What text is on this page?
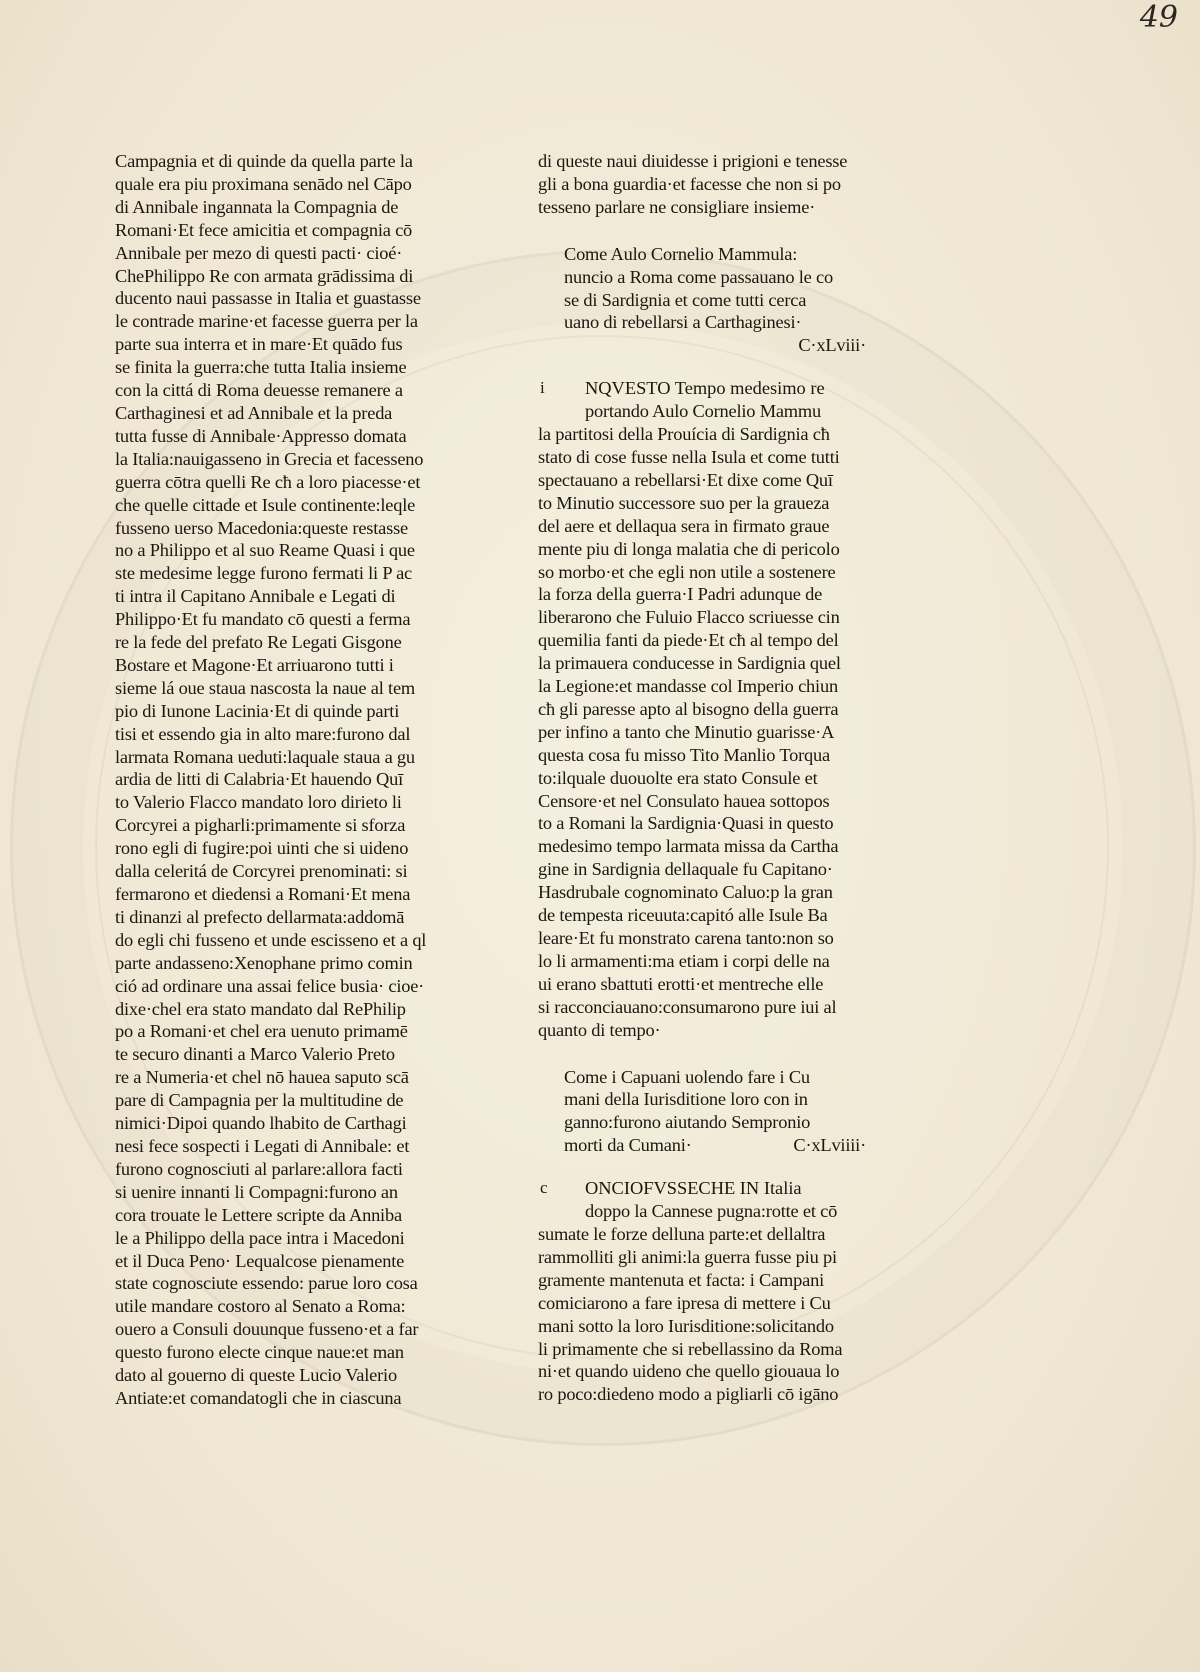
49
Campagnia et di quinde da quella parte la
quale era piu proximana senādo nel Cāpo
di Annibale ingannata la Compagnia de
Romani·Et fece amicitia et compagnia cō
Annibale per mezo di questi pacti· cioé·
ChePhilippo Re con armata grādissima di
ducento naui passasse in Italia et guastasse
le contrade marine·et facesse guerra per la
parte sua interra et in mare·Et quādo fus
se finita la guerra:che tutta Italia insieme
con la cittá di Roma deuesse remanere a
Carthaginesi et ad Annibale et la preda
tutta fusse di Annibale·Appresso domata
la Italia:nauigasseno in Grecia et facesseno
guerra cōtra quelli Re cħ a loro piacesse·et
che quelle cittade et Isule continente:leqle
fusseno uerso Macedonia:queste restasse
no a Philippo et al suo Reame Quasi i que
ste medesime legge furono fermati li P ac
ti intra il Capitano Annibale e Legati di
Philippo·Et fu mandato cō questi a ferma
re la fede del prefato Re Legati Gisgone
Bostare et Magone·Et arriuarono tutti i
sieme lá oue staua nascosta la naue al tem
pio di Iunone Lacinia·Et di quinde parti
tisi et essendo gia in alto mare:furono dal
larmata Romana ueduti:laquale staua a gu
ardia de litti di Calabria·Et hauendo Quī
to Valerio Flacco mandato loro dirieto li
Corcyrei a pigharli:primamente si sforza
rono egli di fugire:poi uinti che si uideno
dalla celeritá de Corcyrei prenominati: si
fermarono et diedensi a Romani·Et mena
ti dinanzi al prefecto dellarmata:addomā
do egli chi fusseno et unde escisseno et a ql
parte andasseno:Xenophane primo comin
ció ad ordinare una assai felice busia· cioe·
dixe·chel era stato mandato dal RePhilip
po a Romani·et chel era uenuto primamē
te securo dinanti a Marco Valerio Preto
re a Numeria·et chel nō hauea saputo scā
pare di Campagnia per la multitudine de
nimici·Dipoi quando lhabito de Carthagi
nesi fece sospecti i Legati di Annibale: et
furono cognosciuti al parlare:allora facti
si uenire innanti li Compagni:furono an
cora trouate le Lettere scripte da Anniba
le a Philippo della pace intra i Macedoni
et il Duca Peno· Lequalcose pienamente
state cognosciute essendo: parue loro cosa
utile mandare costoro al Senato a Roma:
ouero a Consuli douunque fusseno·et a far
questo furono electe cinque naue:et man
dato al gouerno di queste Lucio Valerio
Antiate:et comandatogli che in ciascuna
di queste naui diuidesse i prigioni e tenesse
gli a bona guardia·et facesse che non si po
tesseno parlare ne consigliare insieme·
Come Aulo Cornelio Mammula:
nuncio a Roma come passauano le co
se di Sardignia et come tutti cerca
uano di rebellarsi a Carthaginesi·
C·xLviii·
i NQVESTO Tempo medesimo re
portando Aulo Cornelio Mammu
la partitosi della Prouícia di Sardignia cħ
stato di cose fusse nella Isula et come tutti
spectauano a rebellarsi·Et dixe come Quī
to Minutio successore suo per la graueza
del aere et dellaqua sera in firmato graue
mente piu di longa malatia che di pericolo
so morbo·et che egli non utile a sostenere
la forza della guerra·I Padri adunque de
liberarono che Fuluio Flacco scriuesse cin
quemilia fanti da piede·Et cħ al tempo del
la primauera conducesse in Sardignia quel
la Legione:et mandasse col Imperio chiun
cħ gli paresse apto al bisogno della guerra
per infino a tanto che Minutio guarisse·A
questa cosa fu misso Tito Manlio Torqua
to:ilquale duouolte era stato Consule et
Censore·et nel Consulato hauea sottopos
to a Romani la Sardignia·Quasi in questo
medesimo tempo larmata missa da Cartha
gine in Sardignia dellaquale fu Capitano·
Hasdrubale cognominato Caluo:p la gran
de tempesta riceuuta:capitó alle Isule Ba
leare·Et fu monstrato carena tanto:non so
lo li armamenti:ma etiam i corpi delle na
ui erano sbattuti erotti·et mentreche elle
si racconciauano:consumarono pure iui al
quanto di tempo·
Come i Capuani uolendo fare i Cu
mani della Iurisditione loro con in
ganno:furono aiutando Sempronio
morti da Cumani·	C·xLviiii·
c ONCIOFVSSECHE IN Italia
doppo la Cannese pugna:rotte et cō
sumate le forze delluna parte:et dellaltra
rammolliti gli animi:la guerra fusse piu pi
gramente mantenuta et facta: i Campani
comiciarono a fare ipresa di mettere i Cu
mani sotto la loro Iurisditione:solicitando
li primamente che si rebellassino da Roma
ni·et quando uideno che quello giouaua lo
ro poco:diedeno modo a pigliarli cō igāno
